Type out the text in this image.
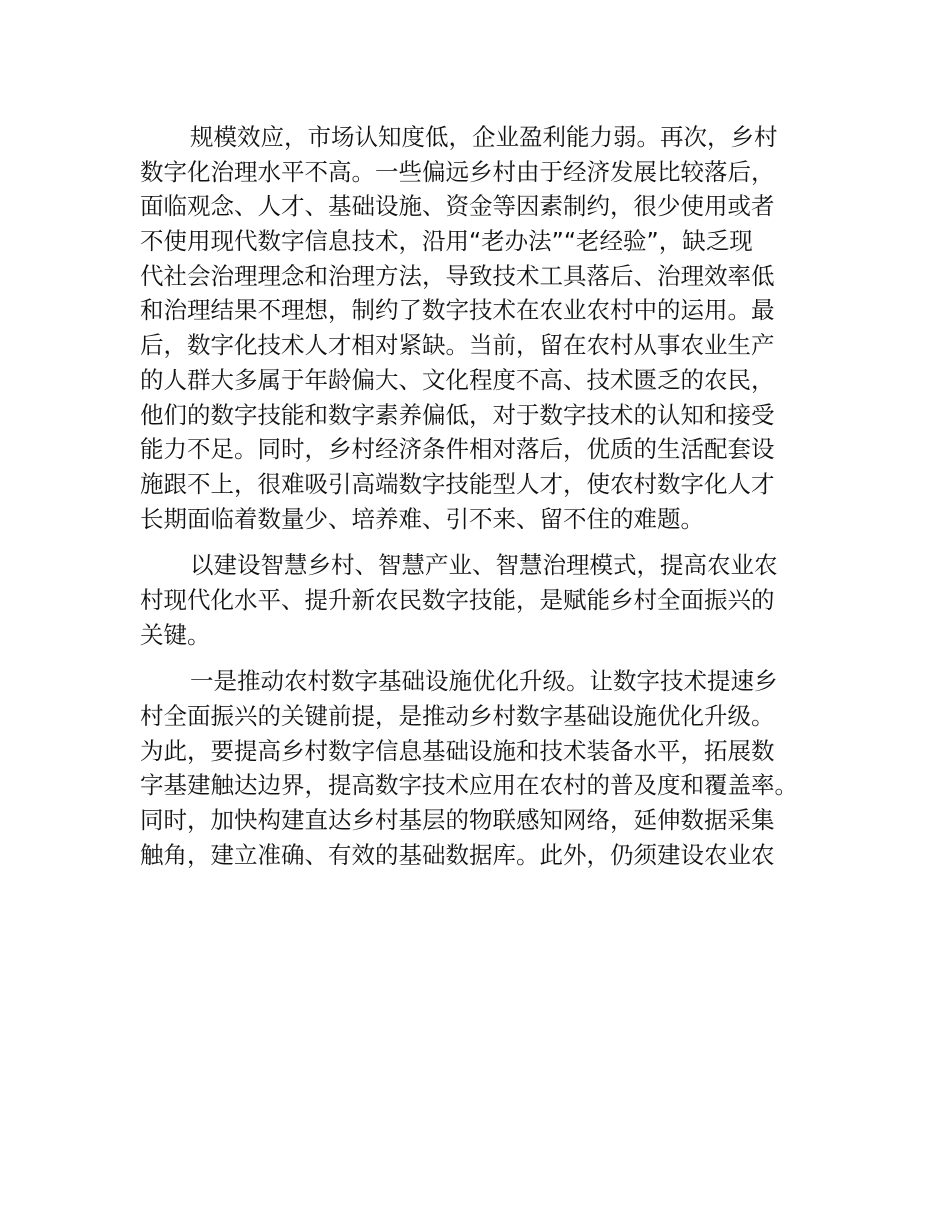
规模效应，市场认知度低，企业盈利能力弱。再次，乡村
数字化治理水平不高。一些偏远乡村由于经济发展比较落后，
面临观念、人才、基础设施、资金等因素制约，很少使用或者
不使用现代数字信息技术，沿用“老办法”“老经验”，缺乏现
代社会治理理念和治理方法，导致技术工具落后、治理效率低
和治理结果不理想，制约了数字技术在农业农村中的运用。最
后，数字化技术人才相对紧缺。当前，留在农村从事农业生产
的人群大多属于年龄偏大、文化程度不高、技术匮乏的农民，
他们的数字技能和数字素养偏低，对于数字技术的认知和接受
能力不足。同时，乡村经济条件相对落后，优质的生活配套设
施跟不上，很难吸引高端数字技能型人才，使农村数字化人才
长期面临着数量少、培养难、引不来、留不住的难题。
以建设智慧乡村、智慧产业、智慧治理模式，提高农业农
村现代化水平、提升新农民数字技能，是赋能乡村全面振兴的
关键。
一是推动农村数字基础设施优化升级。让数字技术提速乡
村全面振兴的关键前提，是推动乡村数字基础设施优化升级。
为此，要提高乡村数字信息基础设施和技术装备水平，拓展数
字基建触达边界，提高数字技术应用在农村的普及度和覆盖率。
同时，加快构建直达乡村基层的物联感知网络，延伸数据采集
触角，建立准确、有效的基础数据库。此外，仍须建设农业农
